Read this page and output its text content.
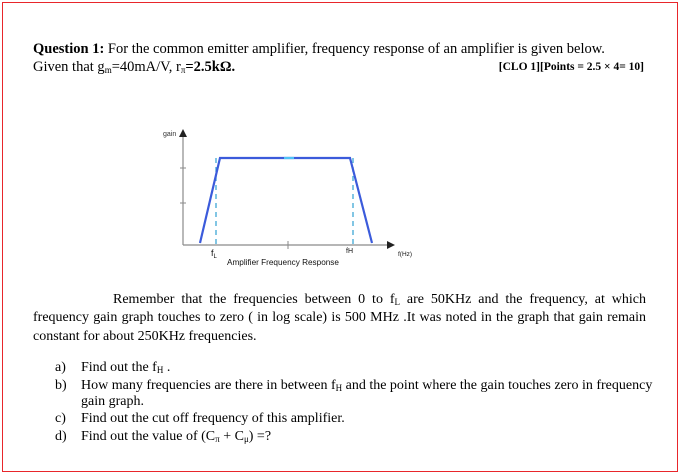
Question 1: For the common emitter amplifier, frequency response of an amplifier is given below.
Given that $g_m=40mA/V$, $r_\pi=2.5k\Omega$.	[CLO 1][Points = 2.5 × 4= 10]
gain
$f_L$
fH	f(Hz)
Amplifier Frequency Response
Remember that the frequencies between 0 to $f_L$ are 50KHz and the frequency, at which frequency gain graph touches to zero ( in log scale) is 500 MHz .It was noted in the graph that gain remain constant for about 250KHz frequencies.
a) Find out the $f_H$ .
b) How many frequencies are there in between $f_H$ and the point where the gain touches zero in frequency gain graph.
c) Find out the cut off frequency of this amplifier.
d) Find out the value of $(C_\pi + C_\mu)$ =?
